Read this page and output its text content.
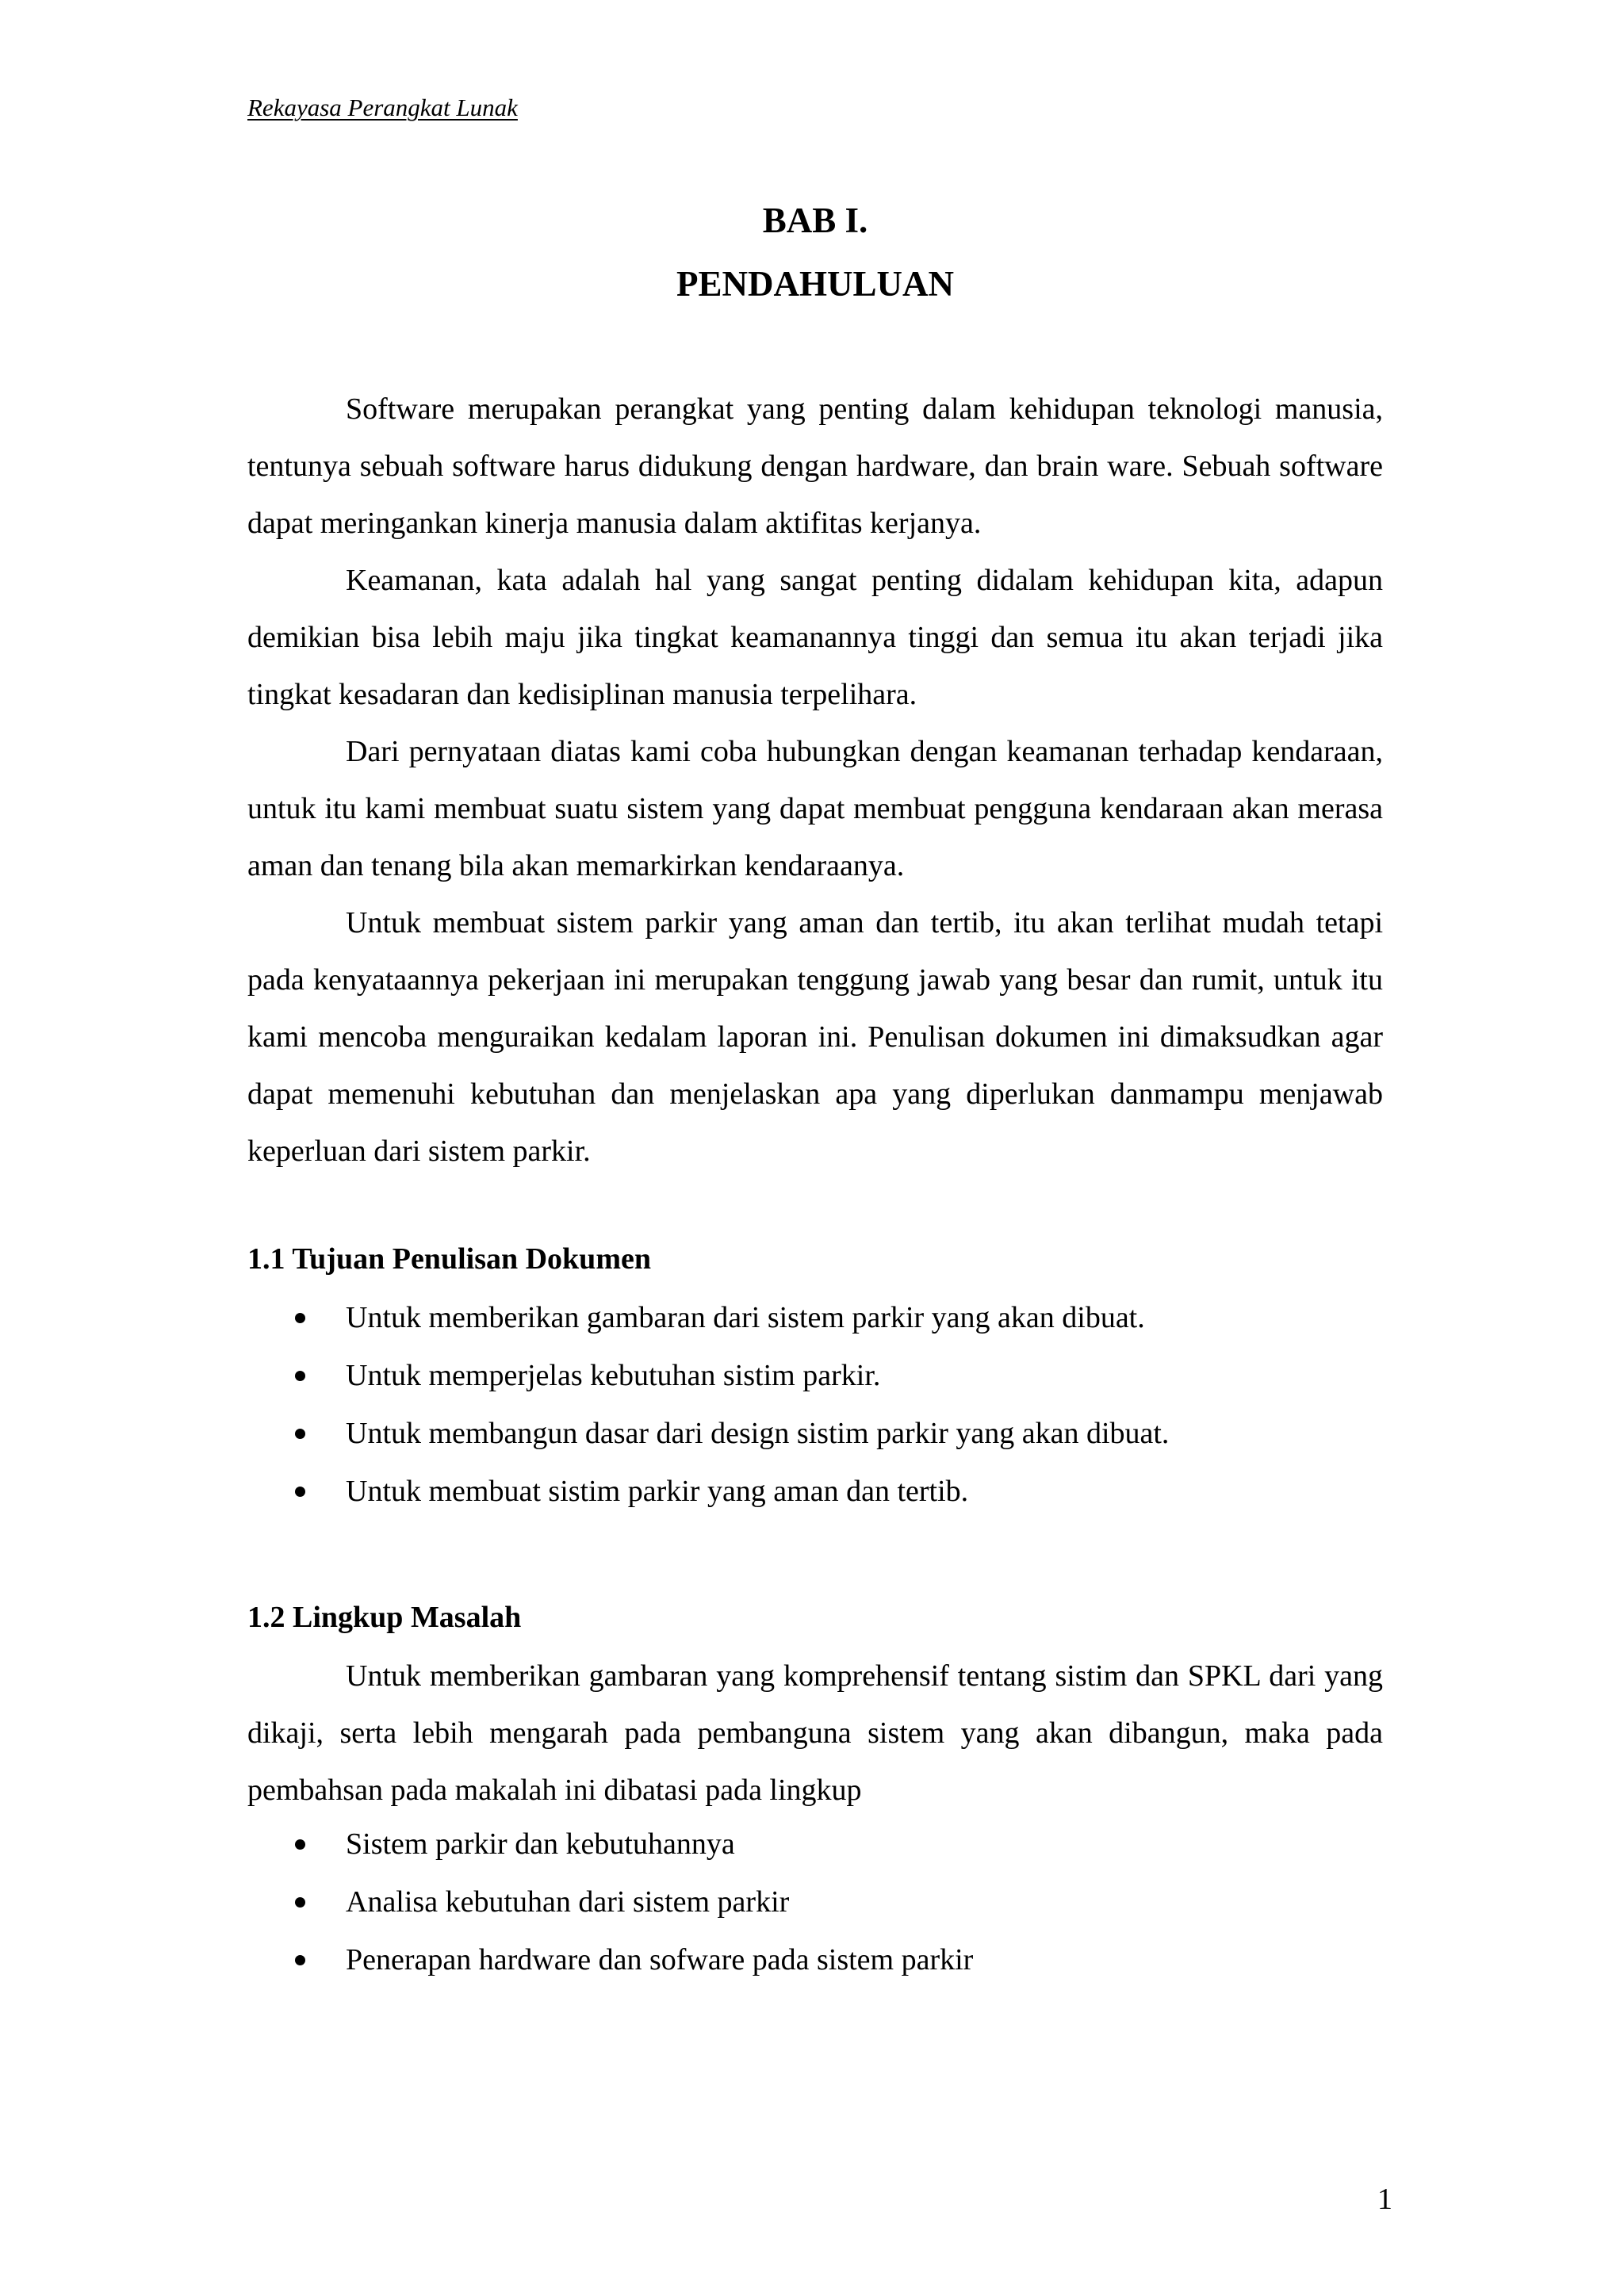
Rekayasa Perangkat Lunak
BAB I.
PENDAHULUAN

Software merupakan perangkat yang penting dalam kehidupan teknologi manusia, tentunya sebuah software harus didukung dengan hardware, dan brain ware. Sebuah software dapat meringankan kinerja manusia dalam aktifitas kerjanya.

Keamanan, kata adalah hal yang sangat penting didalam kehidupan kita, adapun demikian bisa lebih maju jika tingkat keamanannya tinggi dan semua itu akan terjadi jika tingkat kesadaran dan kedisiplinan manusia terpelihara.

Dari pernyataan diatas kami coba hubungkan dengan keamanan terhadap kendaraan, untuk itu kami membuat suatu sistem yang dapat membuat pengguna kendaraan akan merasa aman dan tenang bila akan memarkirkan kendaraanya.

Untuk membuat sistem parkir yang aman dan tertib, itu akan terlihat mudah tetapi pada kenyataannya pekerjaan ini merupakan tenggung jawab yang besar dan rumit, untuk itu kami mencoba menguraikan kedalam laporan ini. Penulisan dokumen ini dimaksudkan agar dapat memenuhi kebutuhan dan menjelaskan apa yang diperlukan danmampu menjawab keperluan dari sistem parkir.

1.1 Tujuan Penulisan Dokumen
Untuk memberikan gambaran dari sistem parkir yang akan dibuat.
Untuk memperjelas kebutuhan sistim parkir.
Untuk membangun dasar dari design sistim parkir yang akan dibuat.
Untuk membuat sistim parkir yang aman dan tertib.
1.2 Lingkup Masalah

Untuk memberikan gambaran yang komprehensif tentang sistim dan SPKL dari yang dikaji, serta lebih mengarah pada pembanguna sistem yang akan dibangun, maka pada pembahsan pada makalah ini dibatasi pada lingkup

Sistem parkir dan kebutuhannya
Analisa kebutuhan dari sistem parkir
Penerapan hardware dan sofware pada sistem parkir
1
